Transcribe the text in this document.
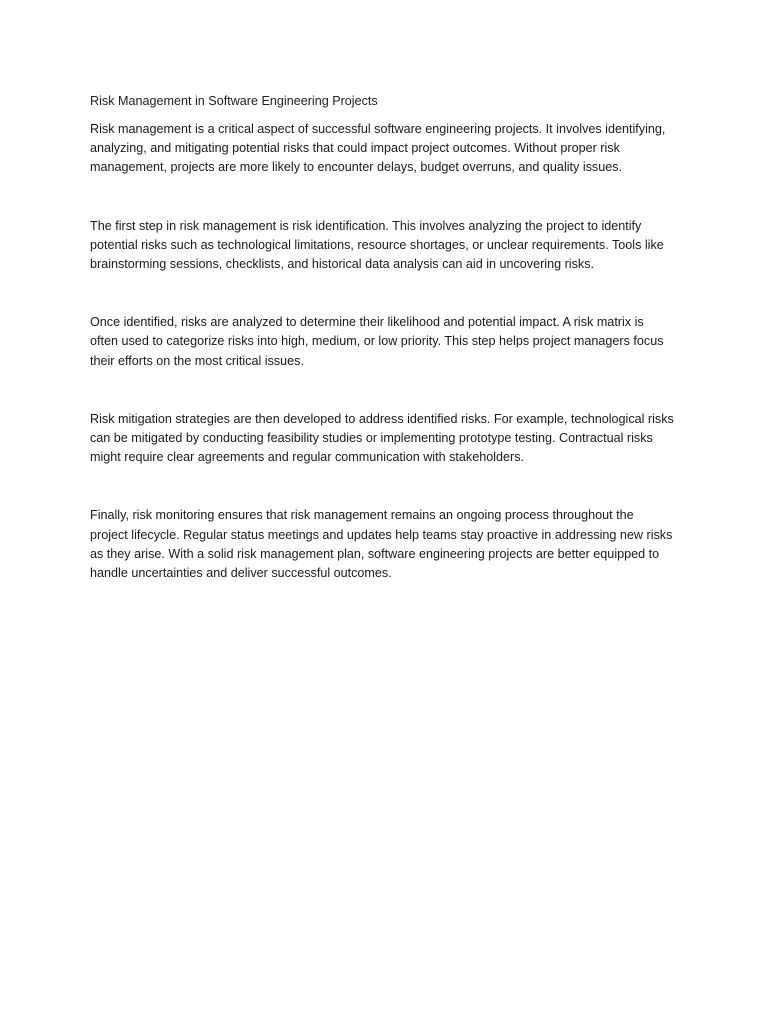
Risk Management in Software Engineering Projects
Risk management is a critical aspect of successful software engineering projects. It involves identifying,
analyzing, and mitigating potential risks that could impact project outcomes. Without proper risk
management, projects are more likely to encounter delays, budget overruns, and quality issues.
The first step in risk management is risk identification. This involves analyzing the project to identify
potential risks such as technological limitations, resource shortages, or unclear requirements. Tools like
brainstorming sessions, checklists, and historical data analysis can aid in uncovering risks.
Once identified, risks are analyzed to determine their likelihood and potential impact. A risk matrix is
often used to categorize risks into high, medium, or low priority. This step helps project managers focus
their efforts on the most critical issues.
Risk mitigation strategies are then developed to address identified risks. For example, technological risks
can be mitigated by conducting feasibility studies or implementing prototype testing. Contractual risks
might require clear agreements and regular communication with stakeholders.
Finally, risk monitoring ensures that risk management remains an ongoing process throughout the
project lifecycle. Regular status meetings and updates help teams stay proactive in addressing new risks
as they arise. With a solid risk management plan, software engineering projects are better equipped to
handle uncertainties and deliver successful outcomes.
